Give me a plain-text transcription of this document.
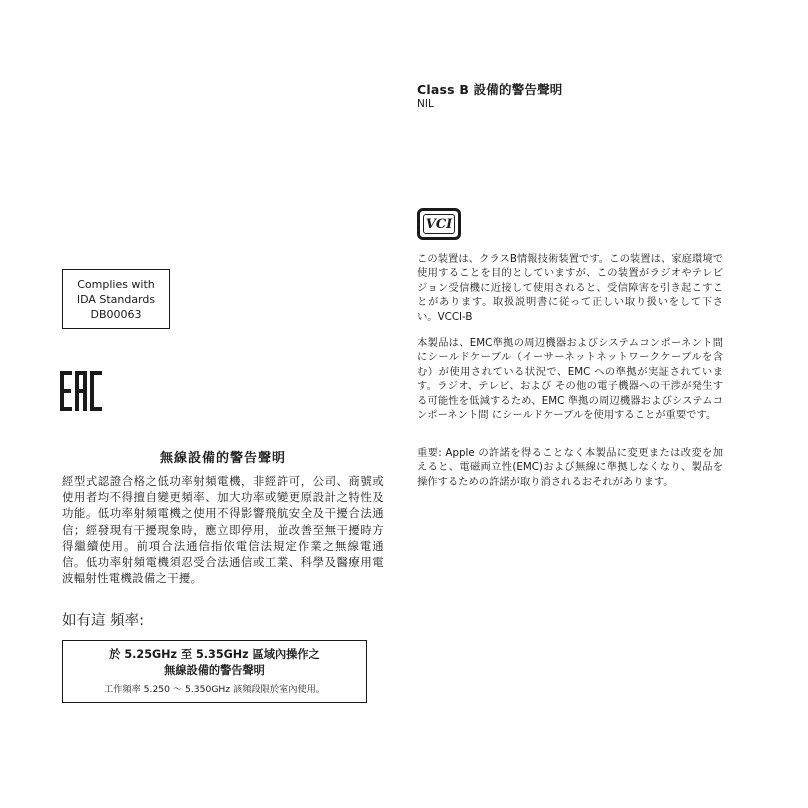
Class B 設備的警告聲明
NIL
VCI
この装置は、クラスB情報技術装置です。この装置は、家庭環境で使用することを目的としていますが、この装置がラジオやテレビジョン受信機に近接して使用されると、受信障害を引き起こすことがあります。取扱説明書に従って正しい取り扱いをして下さい。VCCI-B
本製品は、EMC準拠の周辺機器およびシステムコンポーネント間にシールドケーブル（イーサーネットネットワークケーブルを含む）が使用されている状況で、EMC への準拠が実証されています。ラジオ、テレビ、および その他の電子機器への干渉が発生する可能性を低減するため、EMC 準拠の周辺機器およびシステムコンポーネント間 にシールドケーブルを使用することが重要です。
重要: Apple の許諾を得ることなく本製品に変更または改変を加えると、電磁両立性(EMC)および無線に準拠しなくなり、製品を操作するための許諾が取り消されるおそれがあります。
Complies with
IDA Standards
DB00063
無線設備的警告聲明
經型式認證合格之低功率射頻電機，非經許可，公司、商號或使用者均不得擅自變更頻率、加大功率或變更原設計之特性及功能。低功率射頻電機之使用不得影響飛航安全及干擾合法通信；經發現有干擾現象時，應立即停用，並改善至無干擾時方得繼續使用。前項合法通信指依電信法規定作業之無線電通信。低功率射頻電機須忍受合法通信或工業、科學及醫療用電波輻射性電機設備之干擾。
如有這 頻率:
於 5.25GHz 至 5.35GHz 區域內操作之
無線設備的警告聲明
工作頻率 5.250 ～ 5.350GHz 該頻段限於室內使用。
